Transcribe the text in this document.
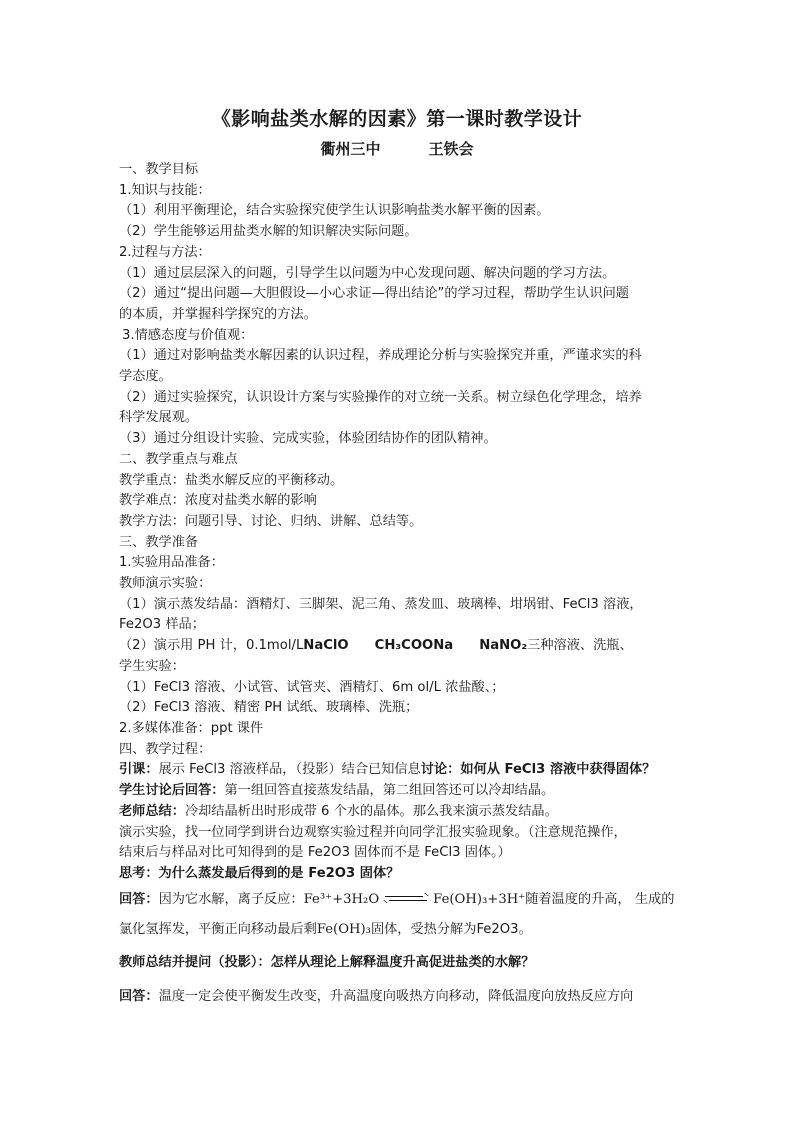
《影响盐类水解的因素》第一课时教学设计
衢州三中	王铁会
一、教学目标
1.知识与技能：
（1）利用平衡理论，结合实验探究使学生认识影响盐类水解平衡的因素。
（2）学生能够运用盐类水解的知识解决实际问题。
2.过程与方法：
（1）通过层层深入的问题，引导学生以问题为中心发现问题、解决问题的学习方法。
（2）通过“提出问题—大胆假设—小心求证—得出结论”的学习过程，帮助学生认识问题
的本质，并掌握科学探究的方法。
3.情感态度与价值观：
（1）通过对影响盐类水解因素的认识过程，养成理论分析与实验探究并重，严谨求实的科
学态度。
（2）通过实验探究，认识设计方案与实验操作的对立统一关系。树立绿色化学理念，培养
科学发展观。
（3）通过分组设计实验、完成实验，体验团结协作的团队精神。
二、教学重点与难点
教学重点：盐类水解反应的平衡移动。
教学难点：浓度对盐类水解的影响
教学方法：问题引导、讨论、归纳、讲解、总结等。
三、教学准备
1.实验用品准备：
教师演示实验：
（1）演示蒸发结晶：酒精灯、三脚架、泥三角、蒸发皿、玻璃棒、坩埚钳、FeCl3 溶液，
Fe2O3 样品；
（2）演示用 PH 计，0.1mol/LNaClO CH₃COONa NaNO₂三种溶液、洗瓶、
学生实验：
（1）FeCl3 溶液、小试管、试管夹、酒精灯、6m ol/L 浓盐酸、；
（2）FeCl3 溶液、精密 PH 试纸、玻璃棒、洗瓶；
2.多媒体准备：ppt 课件
四、教学过程：
引课：展示 FeCl3 溶液样品，（投影）结合已知信息讨论：如何从 FeCl3 溶液中获得固体？
学生讨论后回答：第一组回答直接蒸发结晶，第二组回答还可以冷却结晶。
老师总结：冷却结晶析出时形成带 6 个水的晶体。那么我来演示蒸发结晶。
演示实验，找一位同学到讲台边观察实验过程并向同学汇报实验现象。（注意规范操作，
结束后与样品对比可知得到的是 Fe2O3 固体而不是 FeCl3 固体。）
思考：为什么蒸发最后得到的是 Fe2O3 固体？
回答：因为它水解，离子反应：Fe³⁺+3H₂O	Fe(OH)₃+3H⁺随着温度的升高， 生成的
氯化氢挥发，平衡正向移动最后剩Fe(OH)₃固体，受热分解为Fe2O3。
教师总结并提问（投影）：怎样从理论上解释温度升高促进盐类的水解？
回答：温度一定会使平衡发生改变，升高温度向吸热方向移动，降低温度向放热反应方向
